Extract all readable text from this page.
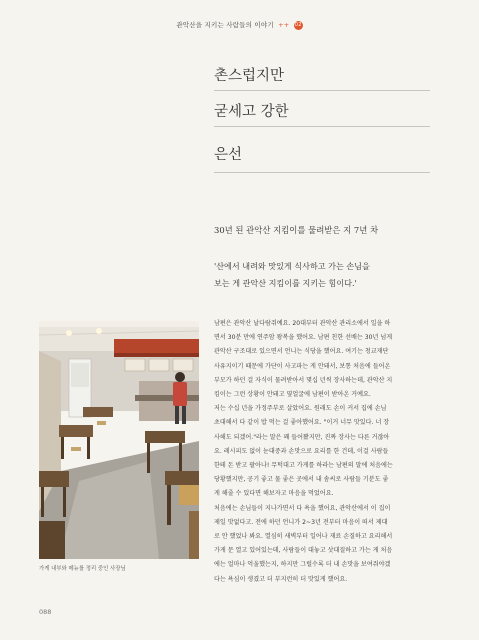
관악산을 지키는 사람들의 이야기 ++ 02
촌스럽지만
굳세고 강한
은선
30년 된 관악산 지킴이를 물려받은 지 7년 차
'산에서 내려와 맛있게 식사하고 가는 손님을
보는 게 관악산 지킴이를 지키는 힘이다.'
가게 내부와 메뉴를 정리 중인 사장님
남편은 관악산 날다람쥐예요. 20대부터 관악산 관리소에서 일을 하
면서 30분 만에 연주암 왕복을 했어요. 남편 친한 선배는 30년 넘게
관악산 구조대로 있으면서 언니는 식당을 했어요. 여기는 청교재단
사유지이기 때문에 가단이 사고파는 게 안돼서, 보통 처음에 들어온
부모가 하던 걸 자식이 물려받아서 몇십 년씩 장사하는데, 관악산 지
킴이는 그런 상황이 안돼고 옆얼굴에 남편이 받아온 거예요.
저는 수십 년을 가정주부로 살았어요. 원래도 손이 커서 집에 손님
초대해서 다 같이 밥 먹는 걸 좋아했어요. "이거 너무 맛있다. 너 장
사해도 되겠어."라는 말은 꽤 들어봤지만, 진짜 장사는 다른 거잖아
요. 레시피도 없이 눈대중과 손맛으로 요리를 한 건데, 이걸 사람들
한테 돈 받고 팔아나! 무턱대고 가게를 하라는 남편의 말에 처음에는
당황했지만, 공기 좋고 물 좋은 곳에서 내 솜씨로 사람들 기분도 좋
게 해줄 수 있다면 해보자고 마음을 먹었어요.
처음에는 손님들이 지나가면서 다 욕을 했어요, 관악산에서 이 집이
제일 맛없다고. 전에 하던 언니가 2~3년 전부터 마음이 떠서 제대
로 안 했었나 봐요. 열심히 새벽부터 일어나 재료 손질하고 요리해서
가게 문 열고 있어있는데, 사람들이 대놓고 삿대질하고 가는 게 처음
에는 얼마나 억울했는지, 하지만 그럴수록 더 내 손맛을 보여줘야겠
다는 욕심이 생겼고 더 부지런히 더 맛있게 했어요.
088
